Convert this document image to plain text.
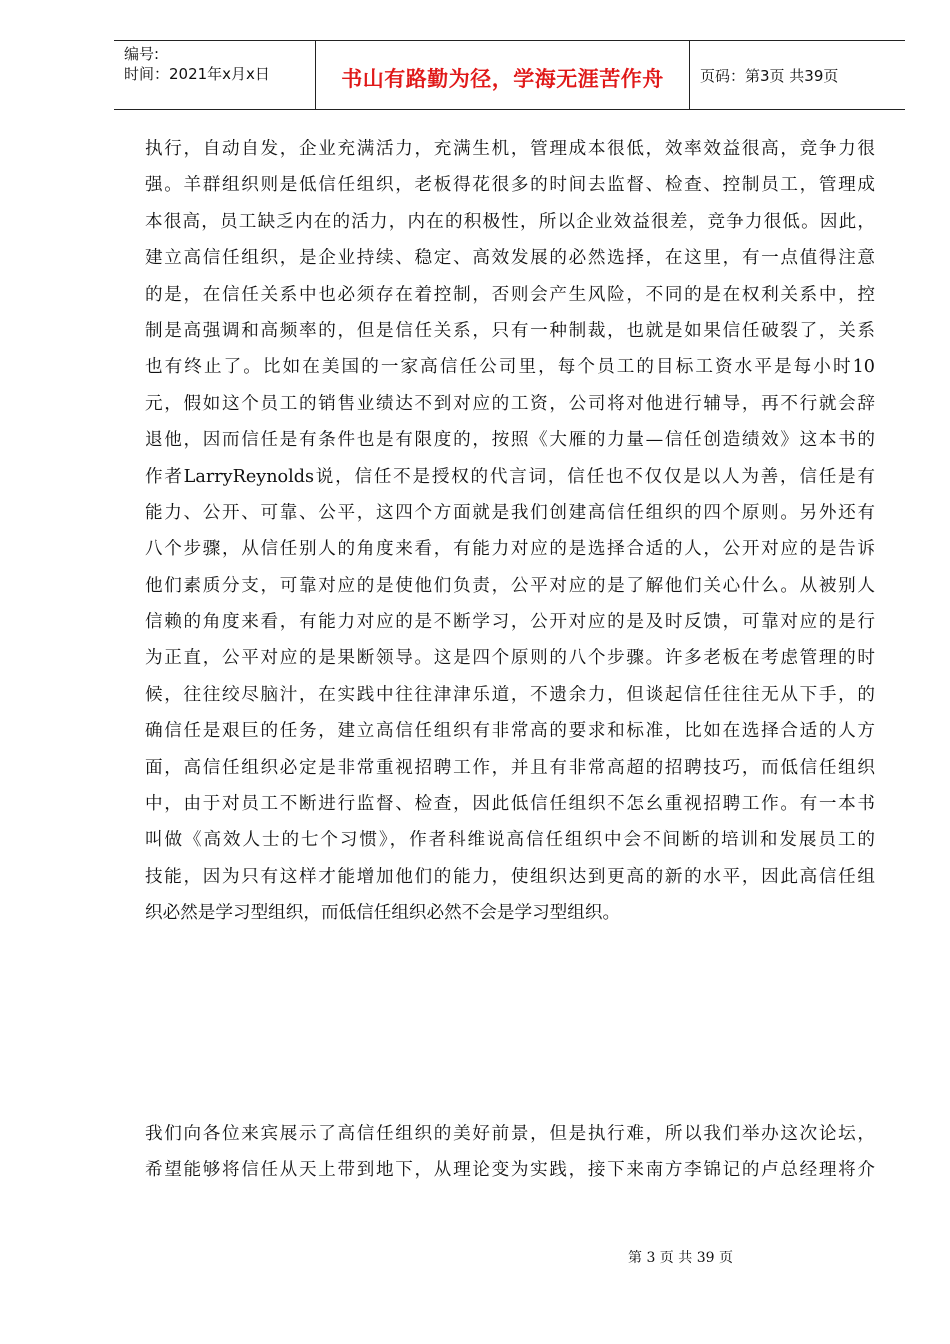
编号:
时间：2021年x月x日	书山有路勤为径，学海无涯苦作舟	页码：第3页 共39页
执行，自动自发，企业充满活力，充满生机，管理成本很低，效率效益很高，竞争力很
强。羊群组织则是低信任组织，老板得花很多的时间去监督、检查、控制员工，管理成
本很高，员工缺乏内在的活力，内在的积极性，所以企业效益很差，竞争力很低。因此，
建立高信任组织，是企业持续、稳定、高效发展的必然选择，在这里，有一点值得注意
的是，在信任关系中也必须存在着控制，否则会产生风险，不同的是在权利关系中，控
制是高强调和高频率的，但是信任关系，只有一种制裁，也就是如果信任破裂了，关系
也有终止了。比如在美国的一家高信任公司里，每个员工的目标工资水平是每小时10
元，假如这个员工的销售业绩达不到对应的工资，公司将对他进行辅导，再不行就会辞
退他，因而信任是有条件也是有限度的，按照《大雁的力量—信任创造绩效》这本书的
作者LarryReynolds说，信任不是授权的代言词，信任也不仅仅是以人为善，信任是有
能力、公开、可靠、公平，这四个方面就是我们创建高信任组织的四个原则。另外还有
八个步骤，从信任别人的角度来看，有能力对应的是选择合适的人，公开对应的是告诉
他们素质分支，可靠对应的是使他们负责，公平对应的是了解他们关心什么。从被别人
信赖的角度来看，有能力对应的是不断学习，公开对应的是及时反馈，可靠对应的是行
为正直，公平对应的是果断领导。这是四个原则的八个步骤。许多老板在考虑管理的时
候，往往绞尽脑汁，在实践中往往津津乐道，不遗余力，但谈起信任往往无从下手，的
确信任是艰巨的任务，建立高信任组织有非常高的要求和标准，比如在选择合适的人方
面，高信任组织必定是非常重视招聘工作，并且有非常高超的招聘技巧，而低信任组织
中，由于对员工不断进行监督、检查，因此低信任组织不怎幺重视招聘工作。有一本书
叫做《高效人士的七个习惯》，作者科维说高信任组织中会不间断的培训和发展员工的
技能，因为只有这样才能增加他们的能力，使组织达到更高的新的水平，因此高信任组
织必然是学习型组织，而低信任组织必然不会是学习型组织。
我们向各位来宾展示了高信任组织的美好前景，但是执行难，所以我们举办这次论坛，
希望能够将信任从天上带到地下，从理论变为实践，接下来南方李锦记的卢总经理将介
第 3 页 共 39 页
